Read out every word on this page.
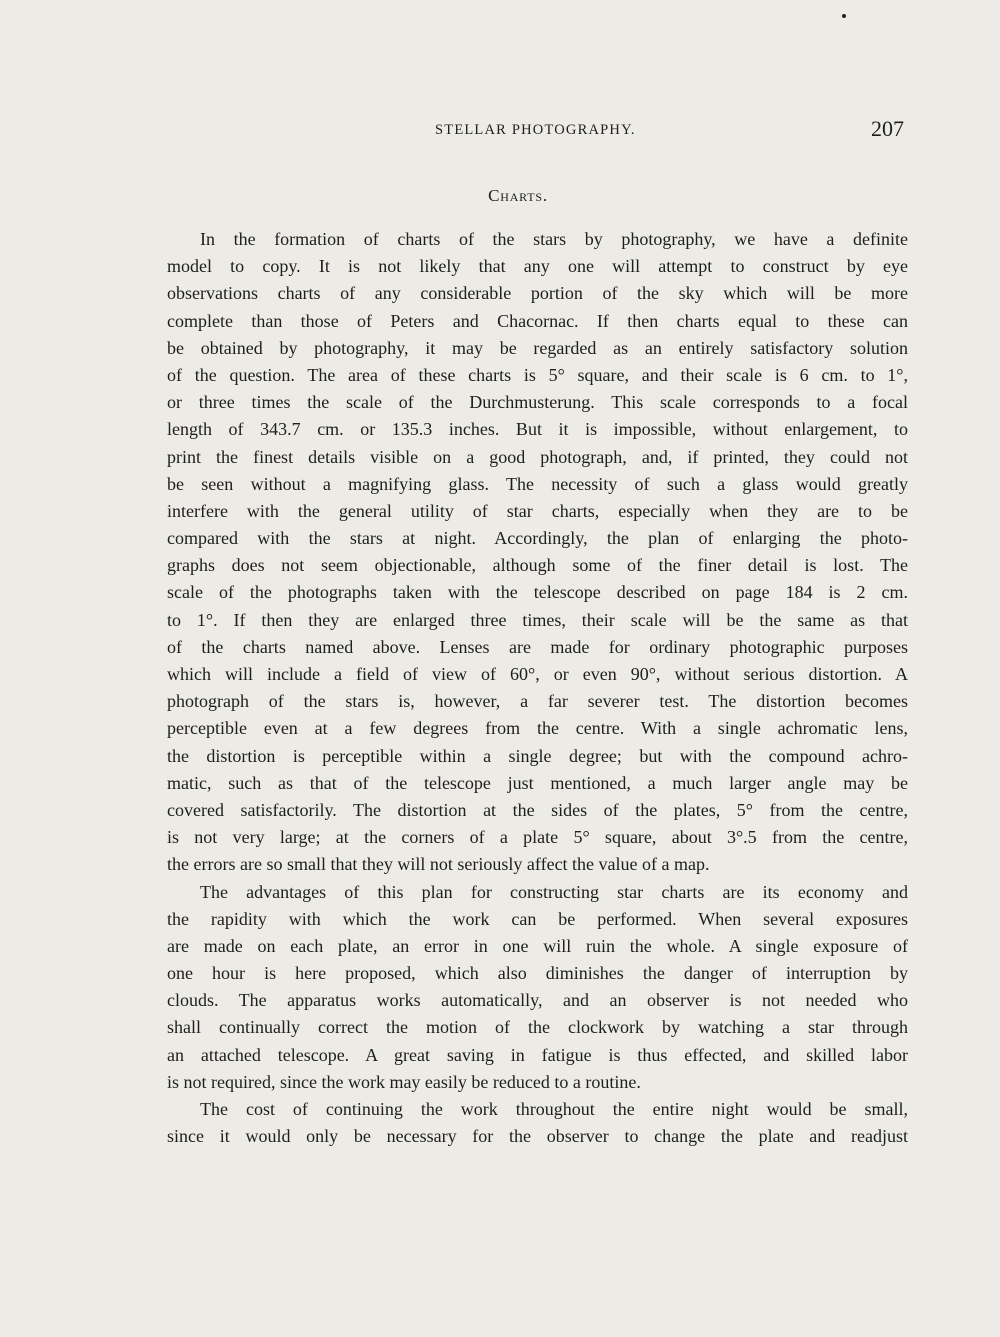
STELLAR PHOTOGRAPHY.	207
Charts.
In the formation of charts of the stars by photography, we have a definite
model to copy. It is not likely that any one will attempt to construct by eye
observations charts of any considerable portion of the sky which will be more
complete than those of Peters and Chacornac. If then charts equal to these can
be obtained by photography, it may be regarded as an entirely satisfactory solution
of the question. The area of these charts is 5° square, and their scale is 6 cm. to 1°,
or three times the scale of the Durchmusterung. This scale corresponds to a focal
length of 343.7 cm. or 135.3 inches. But it is impossible, without enlargement, to
print the finest details visible on a good photograph, and, if printed, they could not
be seen without a magnifying glass. The necessity of such a glass would greatly
interfere with the general utility of star charts, especially when they are to be
compared with the stars at night. Accordingly, the plan of enlarging the photo-
graphs does not seem objectionable, although some of the finer detail is lost. The
scale of the photographs taken with the telescope described on page 184 is 2 cm.
to 1°. If then they are enlarged three times, their scale will be the same as that
of the charts named above. Lenses are made for ordinary photographic purposes
which will include a field of view of 60°, or even 90°, without serious distortion. A
photograph of the stars is, however, a far severer test. The distortion becomes
perceptible even at a few degrees from the centre. With a single achromatic lens,
the distortion is perceptible within a single degree; but with the compound achro-
matic, such as that of the telescope just mentioned, a much larger angle may be
covered satisfactorily. The distortion at the sides of the plates, 5° from the centre,
is not very large; at the corners of a plate 5° square, about 3°.5 from the centre,
the errors are so small that they will not seriously affect the value of a map.
The advantages of this plan for constructing star charts are its economy and
the rapidity with which the work can be performed. When several exposures
are made on each plate, an error in one will ruin the whole. A single exposure of
one hour is here proposed, which also diminishes the danger of interruption by
clouds. The apparatus works automatically, and an observer is not needed who
shall continually correct the motion of the clockwork by watching a star through
an attached telescope. A great saving in fatigue is thus effected, and skilled labor
is not required, since the work may easily be reduced to a routine.
The cost of continuing the work throughout the entire night would be small,
since it would only be necessary for the observer to change the plate and readjust
